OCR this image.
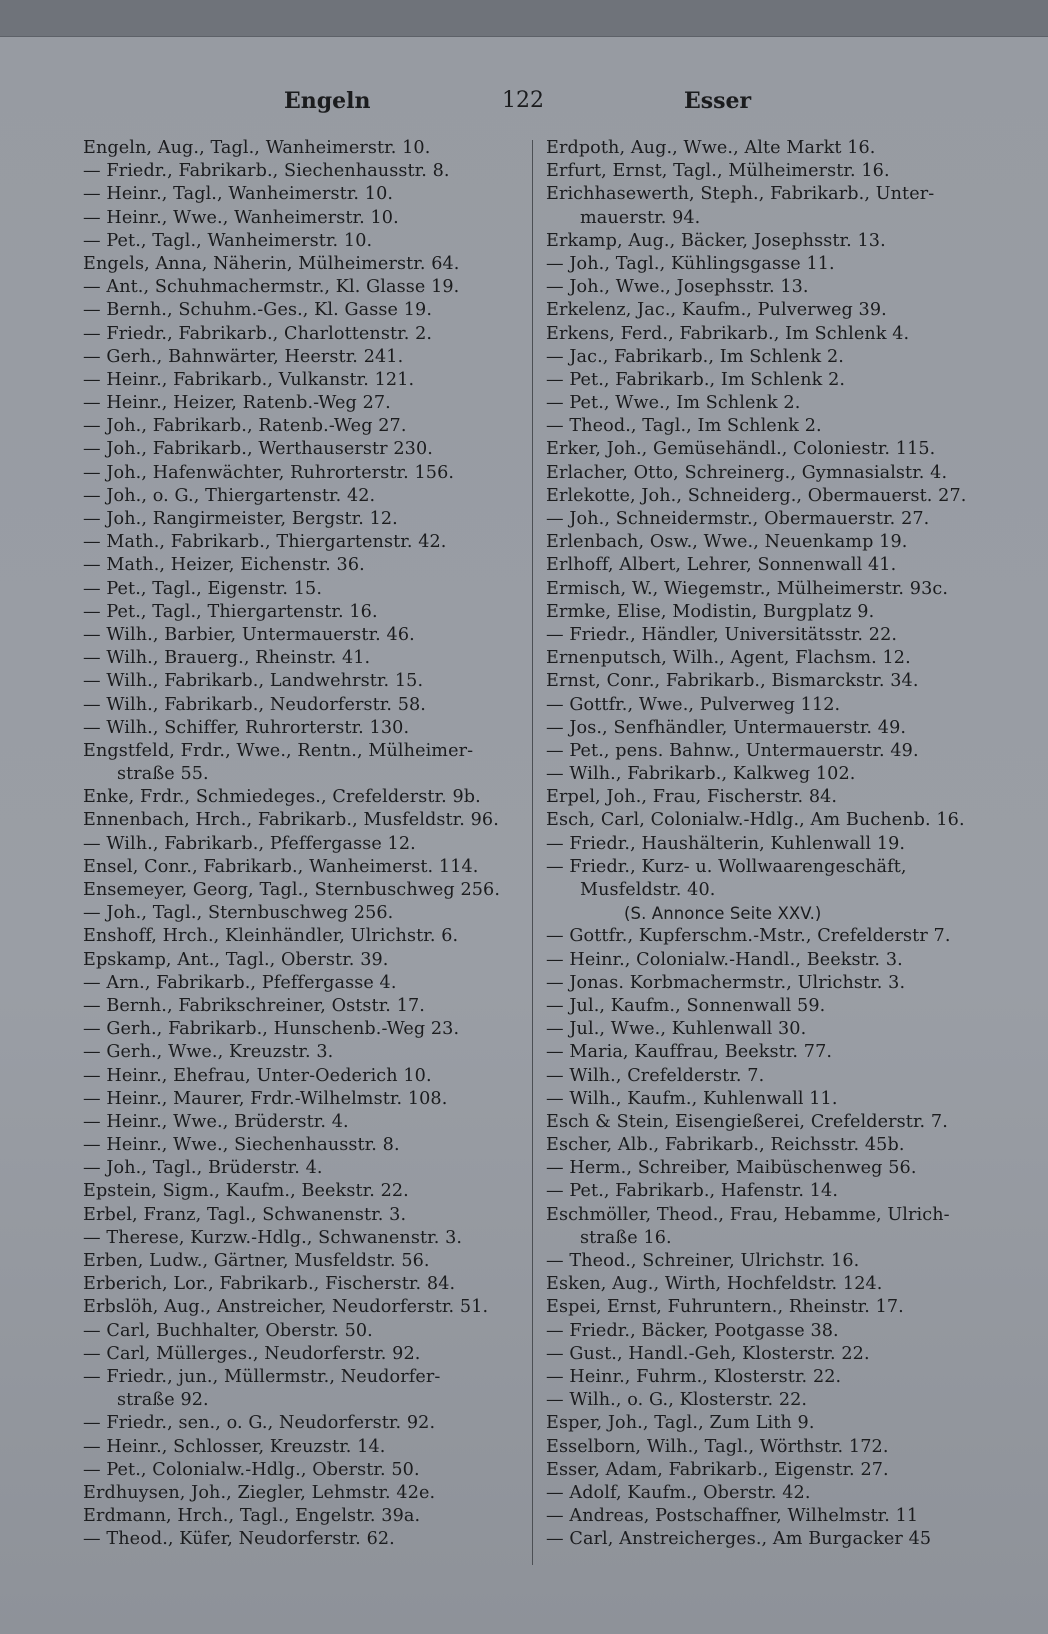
Engeln	122	Esser
Engeln, Aug., Tagl., Wanheimerstr. 10.
— Friedr., Fabrikarb., Siechenhausstr. 8.
— Heinr., Tagl., Wanheimerstr. 10.
— Heinr., Wwe., Wanheimerstr. 10.
— Pet., Tagl., Wanheimerstr. 10.
Engels, Anna, Näherin, Mülheimerstr. 64.
— Ant., Schuhmachermstr., Kl. Glasse 19.
— Bernh., Schuhm.-Ges., Kl. Gasse 19.
— Friedr., Fabrikarb., Charlottenstr. 2.
— Gerh., Bahnwärter, Heerstr. 241.
— Heinr., Fabrikarb., Vulkanstr. 121.
— Heinr., Heizer, Ratenb.-Weg 27.
— Joh., Fabrikarb., Ratenb.-Weg 27.
— Joh., Fabrikarb., Werthauserstr 230.
— Joh., Hafenwächter, Ruhrorterstr. 156.
— Joh., o. G., Thiergartenstr. 42.
— Joh., Rangirmeister, Bergstr. 12.
— Math., Fabrikarb., Thiergartenstr. 42.
— Math., Heizer, Eichenstr. 36.
— Pet., Tagl., Eigenstr. 15.
— Pet., Tagl., Thiergartenstr. 16.
— Wilh., Barbier, Untermauerstr. 46.
— Wilh., Brauerg., Rheinstr. 41.
— Wilh., Fabrikarb., Landwehrstr. 15.
— Wilh., Fabrikarb., Neudorferstr. 58.
— Wilh., Schiffer, Ruhrorterstr. 130.
Engstfeld, Frdr., Wwe., Rentn., Mülheimer-
straße 55.
Enke, Frdr., Schmiedeges., Crefelderstr. 9b.
Ennenbach, Hrch., Fabrikarb., Musfeldstr. 96.
— Wilh., Fabrikarb., Pfeffergasse 12.
Ensel, Conr., Fabrikarb., Wanheimerst. 114.
Ensemeyer, Georg, Tagl., Sternbuschweg 256.
— Joh., Tagl., Sternbuschweg 256.
Enshoff, Hrch., Kleinhändler, Ulrichstr. 6.
Epskamp, Ant., Tagl., Oberstr. 39.
— Arn., Fabrikarb., Pfeffergasse 4.
— Bernh., Fabrikschreiner, Oststr. 17.
— Gerh., Fabrikarb., Hunschenb.-Weg 23.
— Gerh., Wwe., Kreuzstr. 3.
— Heinr., Ehefrau, Unter-Oederich 10.
— Heinr., Maurer, Frdr.-Wilhelmstr. 108.
— Heinr., Wwe., Brüderstr. 4.
— Heinr., Wwe., Siechenhausstr. 8.
— Joh., Tagl., Brüderstr. 4.
Epstein, Sigm., Kaufm., Beekstr. 22.
Erbel, Franz, Tagl., Schwanenstr. 3.
— Therese, Kurzw.-Hdlg., Schwanenstr. 3.
Erben, Ludw., Gärtner, Musfeldstr. 56.
Erberich, Lor., Fabrikarb., Fischerstr. 84.
Erbslöh, Aug., Anstreicher, Neudorferstr. 51.
— Carl, Buchhalter, Oberstr. 50.
— Carl, Müllerges., Neudorferstr. 92.
— Friedr., jun., Müllermstr., Neudorfer-
straße 92.
— Friedr., sen., o. G., Neudorferstr. 92.
— Heinr., Schlosser, Kreuzstr. 14.
— Pet., Colonialw.-Hdlg., Oberstr. 50.
Erdhuysen, Joh., Ziegler, Lehmstr. 42e.
Erdmann, Hrch., Tagl., Engelstr. 39a.
— Theod., Küfer, Neudorferstr. 62.
Erdpoth, Aug., Wwe., Alte Markt 16.
Erfurt, Ernst, Tagl., Mülheimerstr. 16.
Erichhasewerth, Steph., Fabrikarb., Unter-
mauerstr. 94.
Erkamp, Aug., Bäcker, Josephsstr. 13.
— Joh., Tagl., Kühlingsgasse 11.
— Joh., Wwe., Josephsstr. 13.
Erkelenz, Jac., Kaufm., Pulverweg 39.
Erkens, Ferd., Fabrikarb., Im Schlenk 4.
— Jac., Fabrikarb., Im Schlenk 2.
— Pet., Fabrikarb., Im Schlenk 2.
— Pet., Wwe., Im Schlenk 2.
— Theod., Tagl., Im Schlenk 2.
Erker, Joh., Gemüsehändl., Coloniestr. 115.
Erlacher, Otto, Schreinerg., Gymnasialstr. 4.
Erlekotte, Joh., Schneiderg., Obermauerst. 27.
— Joh., Schneidermstr., Obermauerstr. 27.
Erlenbach, Osw., Wwe., Neuenkamp 19.
Erlhoff, Albert, Lehrer, Sonnenwall 41.
Ermisch, W., Wiegemstr., Mülheimerstr. 93c.
Ermke, Elise, Modistin, Burgplatz 9.
— Friedr., Händler, Universitätsstr. 22.
Ernenputsch, Wilh., Agent, Flachsm. 12.
Ernst, Conr., Fabrikarb., Bismarckstr. 34.
— Gottfr., Wwe., Pulverweg 112.
— Jos., Senfhändler, Untermauerstr. 49.
— Pet., pens. Bahnw., Untermauerstr. 49.
— Wilh., Fabrikarb., Kalkweg 102.
Erpel, Joh., Frau, Fischerstr. 84.
Esch, Carl, Colonialw.-Hdlg., Am Buchenb. 16.
— Friedr., Haushälterin, Kuhlenwall 19.
— Friedr., Kurz- u. Wollwaarengeschäft,
Musfeldstr. 40.
(S. Annonce Seite XXV.)
— Gottfr., Kupferschm.-Mstr., Crefelderstr 7.
— Heinr., Colonialw.-Handl., Beekstr. 3.
— Jonas. Korbmachermstr., Ulrichstr. 3.
— Jul., Kaufm., Sonnenwall 59.
— Jul., Wwe., Kuhlenwall 30.
— Maria, Kauffrau, Beekstr. 77.
— Wilh., Crefelderstr. 7.
— Wilh., Kaufm., Kuhlenwall 11.
Esch & Stein, Eisengießerei, Crefelderstr. 7.
Escher, Alb., Fabrikarb., Reichsstr. 45b.
— Herm., Schreiber, Maibüschenweg 56.
— Pet., Fabrikarb., Hafenstr. 14.
Eschmöller, Theod., Frau, Hebamme, Ulrich-
straße 16.
— Theod., Schreiner, Ulrichstr. 16.
Esken, Aug., Wirth, Hochfeldstr. 124.
Espei, Ernst, Fuhruntern., Rheinstr. 17.
— Friedr., Bäcker, Pootgasse 38.
— Gust., Handl.-Geh, Klosterstr. 22.
— Heinr., Fuhrm., Klosterstr. 22.
— Wilh., o. G., Klosterstr. 22.
Esper, Joh., Tagl., Zum Lith 9.
Esselborn, Wilh., Tagl., Wörthstr. 172.
Esser, Adam, Fabrikarb., Eigenstr. 27.
— Adolf, Kaufm., Oberstr. 42.
— Andreas, Postschaffner, Wilhelmstr. 11
— Carl, Anstreicherges., Am Burgacker 45
